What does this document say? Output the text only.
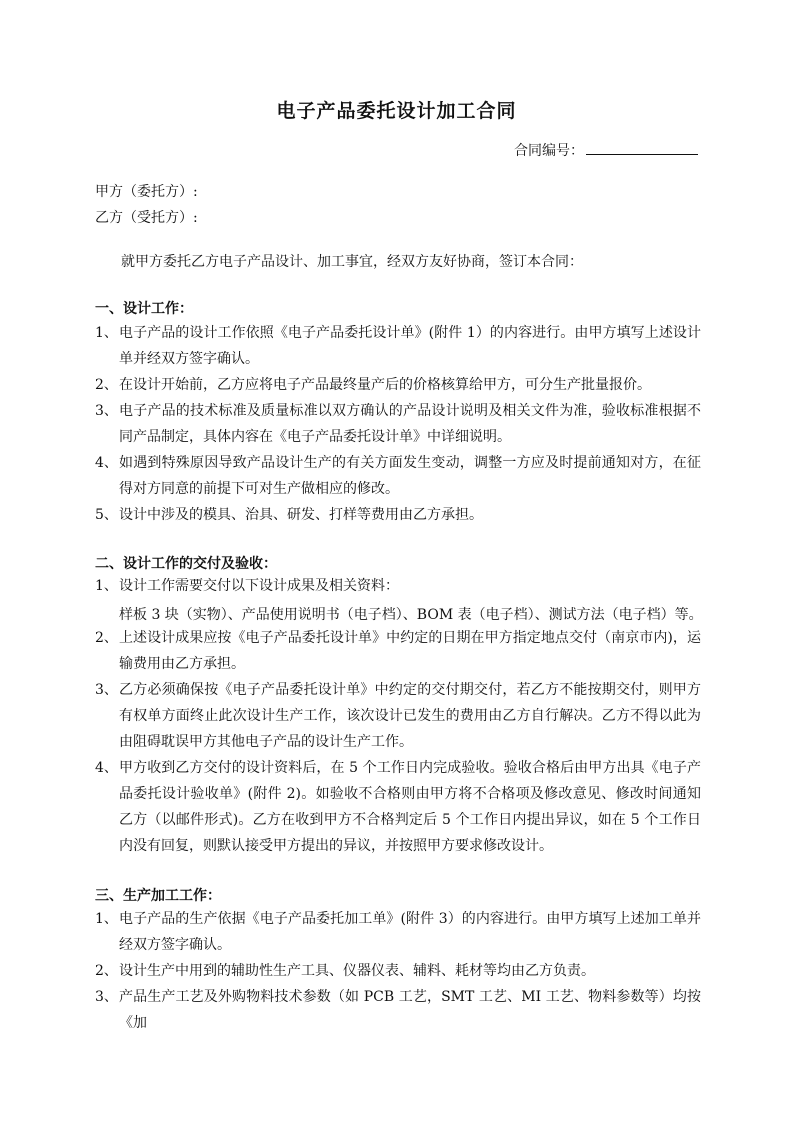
电子产品委托设计加工合同
合同编号：
甲方（委托方）:
乙方（受托方）:
就甲方委托乙方电子产品设计、加工事宜，经双方友好协商，签订本合同：
一、设计工作：
1、 电子产品的设计工作依照《电子产品委托设计单》(附件 1）的内容进行。由甲方填写上述设计单并经双方签字确认。
2、 在设计开始前，乙方应将电子产品最终量产后的价格核算给甲方，可分生产批量报价。
3、 电子产品的技术标准及质量标准以双方确认的产品设计说明及相关文件为准，验收标准根据不同产品制定，具体内容在《电子产品委托设计单》中详细说明。
4、 如遇到特殊原因导致产品设计生产的有关方面发生变动，调整一方应及时提前通知对方，在征得对方同意的前提下可对生产做相应的修改。
5、 设计中涉及的模具、治具、研发、打样等费用由乙方承担。
二、设计工作的交付及验收：
1、 设计工作需要交付以下设计成果及相关资料：
样板 3 块（实物）、产品使用说明书（电子档）、BOM 表（电子档）、测试方法（电子档）等。
2、 上述设计成果应按《电子产品委托设计单》中约定的日期在甲方指定地点交付（南京市内)，运输费用由乙方承担。
3、 乙方必须确保按《电子产品委托设计单》中约定的交付期交付，若乙方不能按期交付，则甲方有权单方面终止此次设计生产工作，该次设计已发生的费用由乙方自行解决。乙方不得以此为由阻碍耽误甲方其他电子产品的设计生产工作。
4、 甲方收到乙方交付的设计资料后，在 5 个工作日内完成验收。验收合格后由甲方出具《电子产品委托设计验收单》(附件 2)。如验收不合格则由甲方将不合格项及修改意见、修改时间通知乙方（以邮件形式)。乙方在收到甲方不合格判定后 5 个工作日内提出异议，如在 5 个工作日内没有回复，则默认接受甲方提出的异议，并按照甲方要求修改设计。
三、生产加工工作：
1、 电子产品的生产依据《电子产品委托加工单》(附件 3）的内容进行。由甲方填写上述加工单并经双方签字确认。
2、 设计生产中用到的辅助性生产工具、仪器仪表、辅料、耗材等均由乙方负责。
3、 产品生产工艺及外购物料技术参数（如 PCB 工艺，SMT 工艺、MI 工艺、物料参数等）均按《加
